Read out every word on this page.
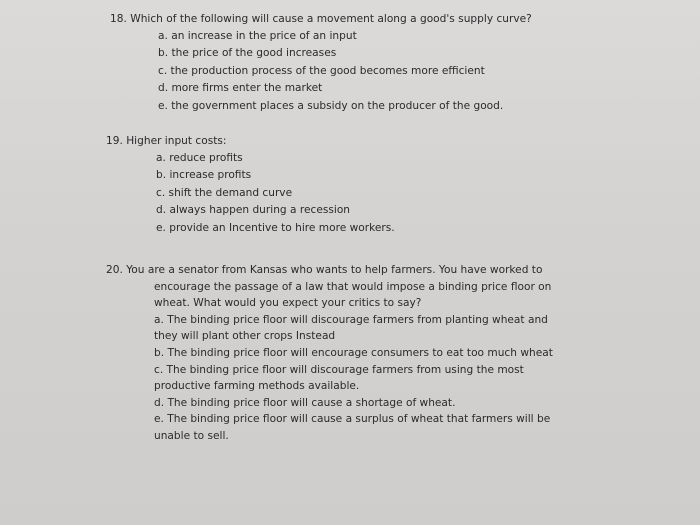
18. Which of the following will cause a movement along a good's supply curve?
a. an increase in the price of an input
b. the price of the good increases
c. the production process of the good becomes more efficient
d. more firms enter the market
e. the government places a subsidy on the producer of the good.
19. Higher input costs:
a. reduce profits
b. increase profits
c. shift the demand curve
d. always happen during a recession
e. provide an Incentive to hire more workers.
20. You are a senator from Kansas who wants to help farmers. You have worked to
encourage the passage of a law that would impose a binding price floor on
wheat. What would you expect your critics to say?
a. The binding price floor will discourage farmers from planting wheat and
they will plant other crops Instead
b. The binding price floor will encourage consumers to eat too much wheat
c. The binding price floor will discourage farmers from using the most
productive farming methods available.
d. The binding price floor will cause a shortage of wheat.
e. The binding price floor will cause a surplus of wheat that farmers will be
unable to sell.
